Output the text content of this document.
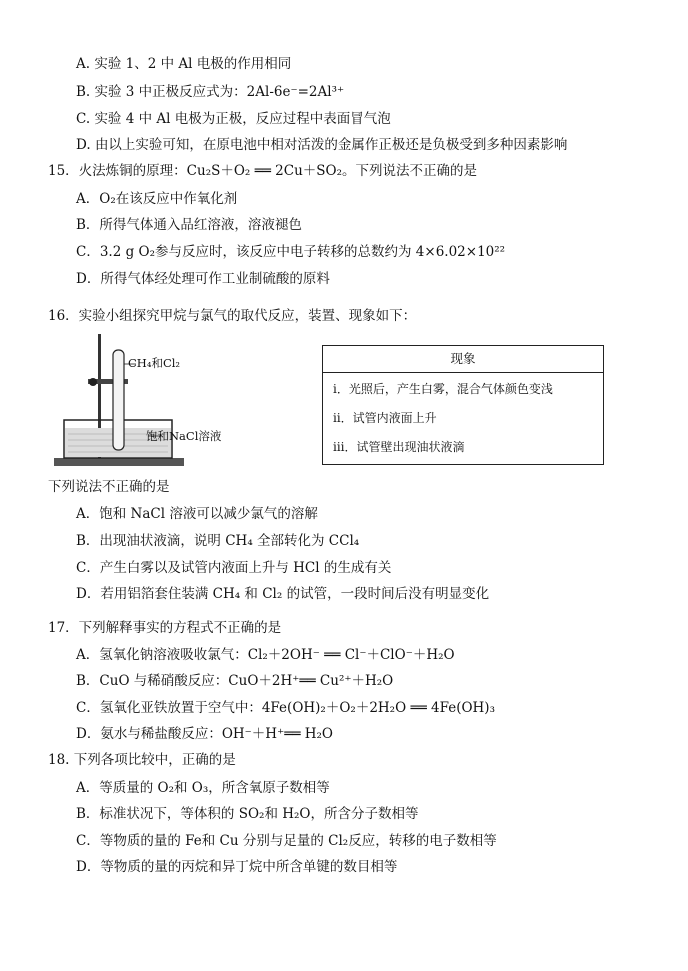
A. 实验 1、2 中 Al 电极的作用相同
B. 实验 3 中正极反应式为：2Al-6e⁻=2Al³⁺
C. 实验 4 中 Al 电极为正极，反应过程中表面冒气泡
D. 由以上实验可知，在原电池中相对活泼的金属作正极还是负极受到多种因素影响
15．火法炼铜的原理：Cu₂S＋O₂ ══ 2Cu＋SO₂。下列说法不正确的是
A．O₂在该反应中作氧化剂
B．所得气体通入品红溶液，溶液褪色
C．3.2 g O₂参与反应时，该反应中电子转移的总数约为 4×6.02×10²²
D．所得气体经处理可作工业制硫酸的原料
16．实验小组探究甲烷与氯气的取代反应，装置、现象如下：
CH₄和Cl₂
饱和NaCl溶液
现象
ⅰ．光照后，产生白雾，混合气体颜色变浅
ⅱ．试管内液面上升
ⅲ．试管壁出现油状液滴
下列说法不正确的是
A．饱和 NaCl 溶液可以减少氯气的溶解
B．出现油状液滴，说明 CH₄ 全部转化为 CCl₄
C．产生白雾以及试管内液面上升与 HCl 的生成有关
D．若用铝箔套住装满 CH₄ 和 Cl₂ 的试管，一段时间后没有明显变化
17．下列解释事实的方程式不正确的是
A．氢氧化钠溶液吸收氯气：Cl₂＋2OH⁻ ══ Cl⁻＋ClO⁻＋H₂O
B．CuO 与稀硝酸反应：CuO＋2H⁺══ Cu²⁺＋H₂O
C．氢氧化亚铁放置于空气中：4Fe(OH)₂＋O₂＋2H₂O ══ 4Fe(OH)₃
D．氨水与稀盐酸反应：OH⁻＋H⁺══ H₂O
18. 下列各项比较中，正确的是
A．等质量的 O₂和 O₃，所含氧原子数相等
B．标准状况下，等体积的 SO₂和 H₂O，所含分子数相等
C．等物质的量的 Fe和 Cu 分别与足量的 Cl₂反应，转移的电子数相等
D．等物质的量的丙烷和异丁烷中所含单键的数目相等
